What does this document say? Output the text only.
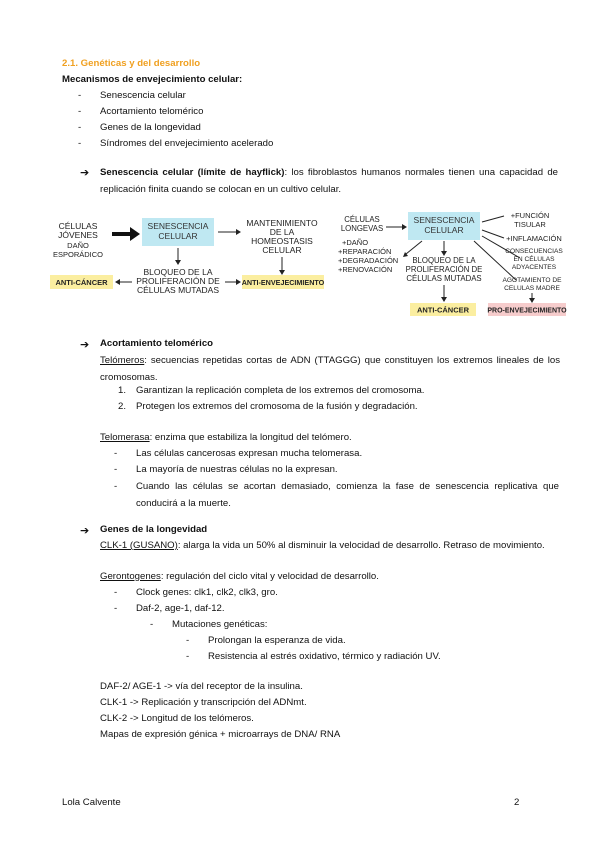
2.1. Genéticas y del desarrollo
Mecanismos de envejecimiento celular:
- Senescencia celular
- Acortamiento telomérico
- Genes de la longevidad
- Síndromes del envejecimiento acelerado
➔ Senescencia celular (límite de hayflick): los fibroblastos humanos normales tienen una capacidad de replicación finita cuando se colocan en un cultivo celular.
CÉLULAS
JÓVENES
DAÑO
ESPORÁDICO
SENESCENCIA
CELULAR
MANTENIMIENTO
DE LA
HOMEOSTASIS
CELULAR
BLOQUEO DE LA
PROLIFERACIÓN DE
CÉLULAS MUTADAS
ANTI-CÁNCER	ANTI-ENVEJECIMIENTO
CÉLULAS
LONGEVAS
+DAÑO
+REPARACIÓN
+DEGRADACIÓN
+RENOVACIÓN
SENESCENCIA
CELULAR
+FUNCIÓN
TISULAR
+INFLAMACIÓN
CONSECUENCIAS
EN CÉLULAS
ADYACENTES
AGOTAMIENTO DE
CELULAS MADRE
BLOQUEO DE LA
PROLIFERACIÓN DE
CÉLULAS MUTADAS
ANTI-CÁNCER	PRO-ENVEJECIMIENTO
➔ Acortamiento telomérico
Telómeros: secuencias repetidas cortas de ADN (TTAGGG) que constituyen los extremos lineales de los cromosomas.
1. Garantizan la replicación completa de los extremos del cromosoma.
2. Protegen los extremos del cromosoma de la fusión y degradación.
Telomerasa: enzima que estabiliza la longitud del telómero.
- Las células cancerosas expresan mucha telomerasa.
- La mayoría de nuestras células no la expresan.
- Cuando las células se acortan demasiado, comienza la fase de senescencia replicativa que conducirá a la muerte.
➔ Genes de la longevidad
CLK-1 (GUSANO): alarga la vida un 50% al disminuir la velocidad de desarrollo. Retraso de movimiento.
Gerontogenes: regulación del ciclo vital y velocidad de desarrollo.
- Clock genes: clk1, clk2, clk3, gro.
- Daf-2, age-1, daf-12.
- Mutaciones genéticas:
- Prolongan la esperanza de vida.
- Resistencia al estrés oxidativo, térmico y radiación UV.
DAF-2/ AGE-1 -> vía del receptor de la insulina.
CLK-1 -> Replicación y transcripción del ADNmt.
CLK-2 -> Longitud de los telómeros.
Mapas de expresión génica + microarrays de DNA/ RNA
Lola Calvente	2
